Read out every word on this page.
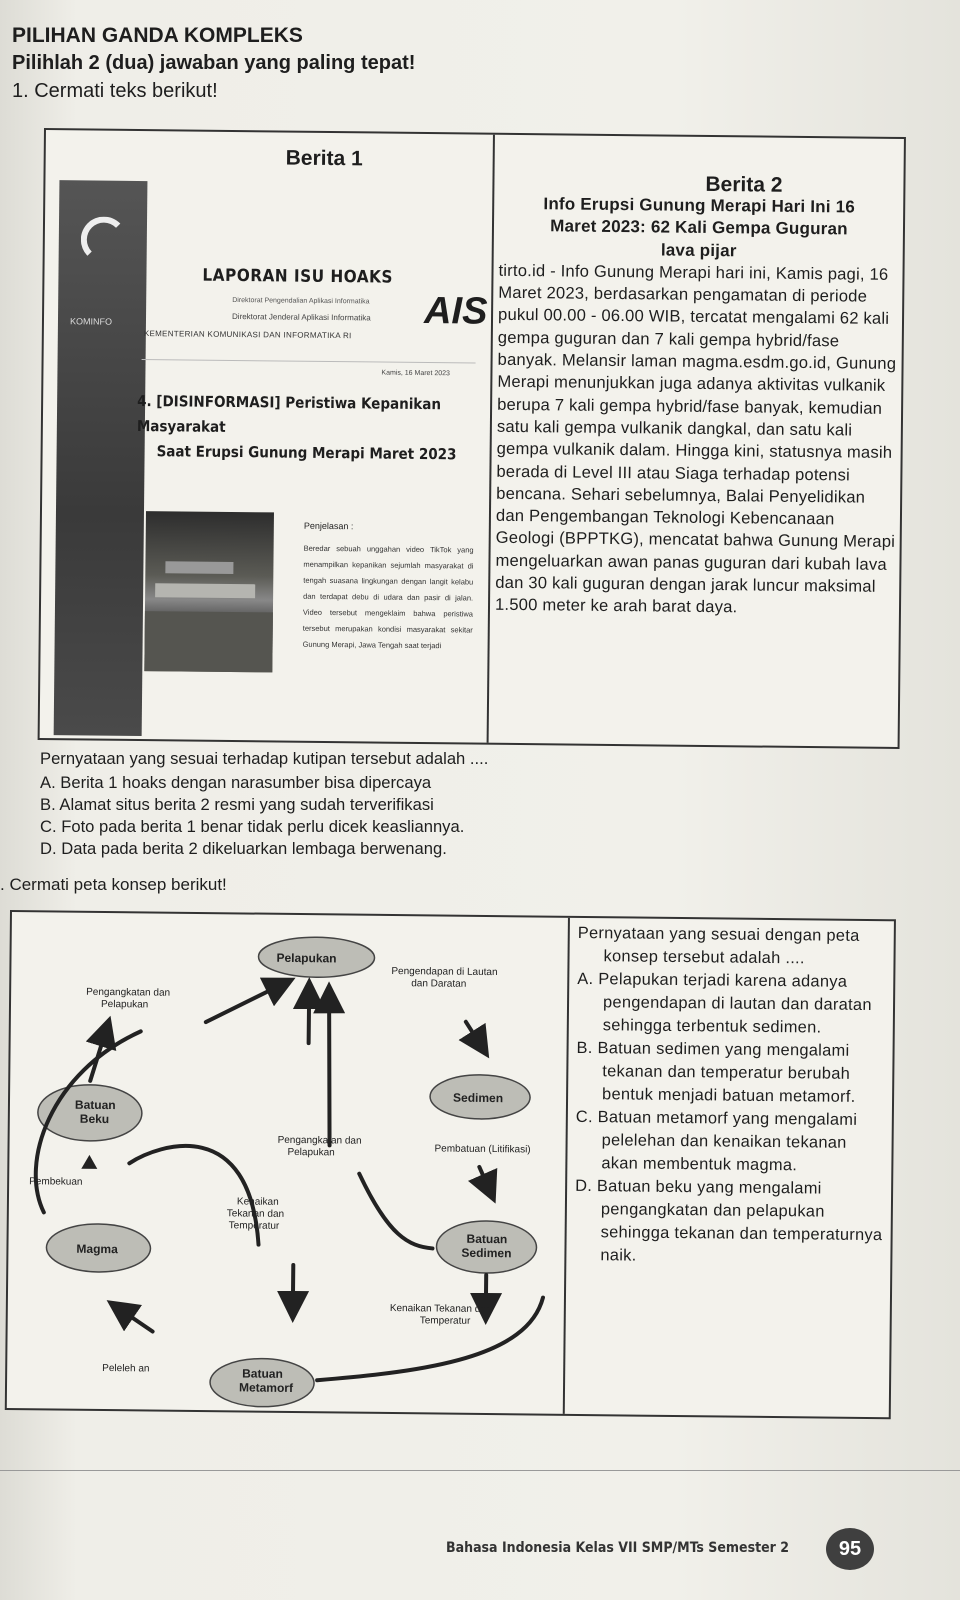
PILIHAN GANDA KOMPLEKS
Pilihlah 2 (dua) jawaban yang paling tepat!
1. Cermati teks berikut!
Berita 1
Berita 2
KOMINFO
LAPORAN ISU HOAKS
Direktorat Pengendalian Aplikasi Informatika
Direktorat Jenderal Aplikasi Informatika
KEMENTERIAN KOMUNIKASI DAN INFORMATIKA RI
AIS
Kamis, 16 Maret 2023
4. [DISINFORMASI] Peristiwa Kepanikan Masyarakat
Saat Erupsi Gunung Merapi Maret 2023
Penjelasan :
Beredar sebuah unggahan video TikTok yang menampilkan kepanikan sejumlah masyarakat di tengah suasana lingkungan dengan langit kelabu dan terdapat debu di udara dan pasir di jalan. Video tersebut mengeklaim bahwa peristiwa tersebut merupakan kondisi masyarakat sekitar Gunung Merapi, Jawa Tengah saat terjadi
Info Erupsi Gunung Merapi Hari Ini 16
Maret 2023: 62 Kali Gempa Guguran
lava pijar
tirto.id - Info Gunung Merapi hari ini, Kamis pagi, 16 Maret 2023, berdasarkan pengamatan di periode pukul 00.00 - 06.00 WIB, tercatat mengalami 62 kali gempa guguran dan 7 kali gempa hybrid/fase banyak. Melansir laman magma.esdm.go.id, Gunung Merapi menunjukkan juga adanya aktivitas vulkanik berupa 7 kali gempa hybrid/fase banyak, kemudian satu kali gempa vulkanik dangkal, dan satu kali gempa vulkanik dalam. Hingga kini, statusnya masih berada di Level III atau Siaga terhadap potensi bencana. Sehari sebelumnya, Balai Penyelidikan dan Pengembangan Teknologi Kebencanaan Geologi (BPPTKG), mencatat bahwa Gunung Merapi mengeluarkan awan panas guguran dari kubah lava dan 30 kali guguran dengan jarak luncur maksimal 1.500 meter ke arah barat daya.
Pernyataan yang sesuai terhadap kutipan tersebut adalah ....
A. Berita 1 hoaks dengan narasumber bisa dipercaya
B. Alamat situs berita 2 resmi yang sudah terverifikasi
C. Foto pada berita 1 benar tidak perlu dicek keasliannya.
D. Data pada berita 2 dikeluarkan lembaga berwenang.
. Cermati peta konsep berikut!
Pelapukan
Pengangkatan dan Pelapukan
Pengendapan di Lautan dan Daratan
Batuan
Beku
Sedimen
Pengangkatan dan Pelapukan	Pembatuan (Litifikasi)
Pembekuan
Kenaikan Tekanan dan Temperatur
Batuan
Sedimen
Magma
Kenaikan Tekanan dan Temperatur
Peleleh an	Batuan
Metamorf
Pernyataan yang sesuai dengan peta konsep tersebut adalah ....
A. Pelapukan terjadi karena adanya pengendapan di lautan dan daratan sehingga terbentuk sedimen.
B. Batuan sedimen yang mengalami tekanan dan temperatur berubah bentuk menjadi batuan metamorf.
C. Batuan metamorf yang mengalami pelelehan dan kenaikan tekanan akan membentuk magma.
D. Batuan beku yang mengalami pengangkatan dan pelapukan sehingga tekanan dan temperaturnya naik.
Bahasa Indonesia Kelas VII SMP/MTs Semester 2	95
